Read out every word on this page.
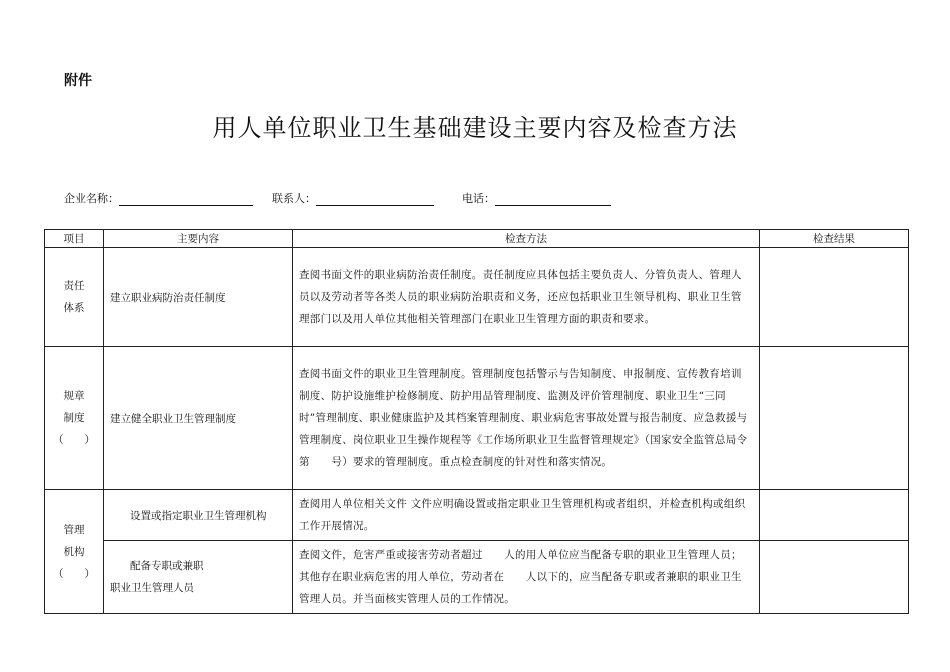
附件
用人单位职业卫生基础建设主要内容及检查方法
企业名称：	联系人：	电话：
项目	主要内容	检查方法	检查结果

责任
体系	建立职业病防治责任制度	查阅书面文件的职业病防治责任制度。责任制度应具体包括主要负责人、分管负责人、管理人员以及劳动者等各类人员的职业病防治职责和义务，还应包括职业卫生领导机构、职业卫生管理部门以及用人单位其他相关管理部门在职业卫生管理方面的职责和要求。	

规章
制度
（　　）	建立健全职业卫生管理制度	查阅书面文件的职业卫生管理制度。管理制度包括警示与告知制度、申报制度、宣传教育培训制度、防护设施维护检修制度、防护用品管理制度、监测及评价管理制度、职业卫生“三同时”管理制度、职业健康监护及其档案管理制度、职业病危害事故处置与报告制度、应急救援与管理制度、岗位职业卫生操作规程等《工作场所职业卫生监督管理规定》（国家安全监管总局令第　　号）要求的管理制度。重点检查制度的针对性和落实情况。	

管理
机构
（　　）	设置或指定职业卫生管理机构	查阅用人单位相关文件 文件应明确设置或指定职业卫生管理机构或者组织，并检查机构或组织工作开展情况。	

	配备专职或兼职
职业卫生管理人员	查阅文件，危害严重或接害劳动者超过　　人的用人单位应当配备专职的职业卫生管理人员；其他存在职业病危害的用人单位，劳动者在　　人以下的，应当配备专职或者兼职的职业卫生管理人员。并当面核实管理人员的工作情况。	
